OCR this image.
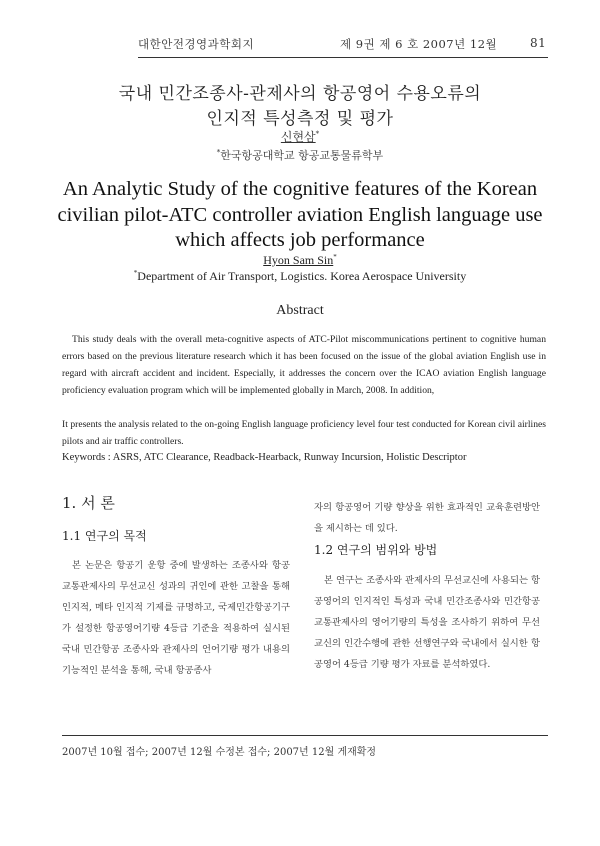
대한안전경영과학회지	제 9권 제 6 호 2007년 12월	81
국내 민간조종사-관제사의 항공영어 수용오류의
인지적 특성측정 및 평가
신현삼*
*한국항공대학교 항공교통물류학부
An Analytic Study of the cognitive features of the Korean
civilian pilot-ATC controller aviation English language use
which affects job performance
Hyon Sam Sin*
*Department of Air Transport, Logistics. Korea Aerospace University
Abstract
This study deals with the overall meta-cognitive aspects of ATC-Pilot miscommunications pertinent to cognitive human errors based on the previous literature research which it has been focused on the issue of the global aviation English use in regard with aircraft accident and incident. Especially, it addresses the concern over the ICAO aviation English language proficiency evaluation program which will be implemented globally in March, 2008. In addition,
It presents the analysis related to the on-going English language proficiency level four test conducted for Korean civil airlines pilots and air traffic controllers.
Keywords : ASRS, ATC Clearance, Readback-Hearback, Runway Incursion, Holistic Descriptor
1. 서 론
1.1 연구의 목적
본 논문은 항공기 운항 중에 발생하는 조종사와 항공교통관제사의 무선교신 성과의 귀인에 관한 고찰을 통해 인지적, 메타 인지적 기제를 규명하고, 국제민간항공기구가 설정한 항공영어기량 4등급 기준을 적용하여 실시된 국내 민간항공 조종사와 관제사의 언어기량 평가 내용의 기능적인 분석을 통해, 국내 항공종사
자의 항공영어 기량 향상을 위한 효과적인 교육훈련방안을 제시하는 데 있다.
1.2 연구의 범위와 방법
본 연구는 조종사와 관제사의 무선교신에 사용되는 항공영어의 인지적인 특성과 국내 민간조종사와 민간항공교통관제사의 영어기량의 특성을 조사하기 위하여 무선교신의 인간수행에 관한 선행연구와 국내에서 실시한 항공영어 4등급 기량 평가 자료를 분석하였다.
2007년 10월 접수; 2007년 12월 수정본 접수; 2007년 12월 게재확정
